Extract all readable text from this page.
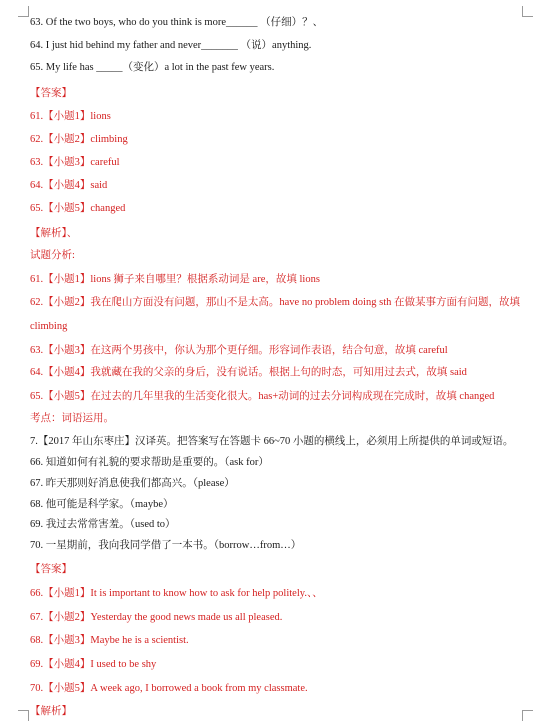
63. Of the two boys, who do you think is more______ （仔细）？、
64. I just hid behind my father and never_______ （说）anything.
65. My life has _____（变化）a lot in the past few years.
【答案】
61.【小题1】lions
62.【小题2】climbing
63.【小题3】careful
64.【小题4】said
65.【小题5】changed
【解析】、
试题分析:
61.【小题1】lions 狮子来自哪里？根据系动词是 are，故填 lions
62.【小题2】我在爬山方面没有问题，那山不是太高。have no problem doing sth 在做某事方面有问题，故填
climbing
63.【小题3】在这两个男孩中，你认为那个更仔细。形容词作表语，结合句意，故填 careful
64.【小题4】我就藏在我的父亲的身后，没有说话。根据上句的时态，可知用过去式，故填 said
65.【小题5】在过去的几年里我的生活变化很大。has+动词的过去分词构成现在完成时，故填 changed
考点：词语运用。
7.【2017 年山东枣庄】汉译英。把答案写在答题卡 66~70 小题的横线上，必须用上所提供的单词或短语。
66. 知道如何有礼貌的要求帮助是重要的。（ask for）
67. 昨天那则好消息使我们都高兴。（please）
68. 他可能是科学家。（maybe）
69. 我过去常常害羞。（used to）
70. 一星期前，我向我同学借了一本书。（borrow…from…）
【答案】
66.【小题1】It is important to know how to ask for help politely.、、
67.【小题2】Yesterday the good news made us all pleased.
68.【小题3】Maybe he is a scientist.
69.【小题4】I used to be shy
70.【小题5】A week ago, I borrowed a book from my classmate.
【解析】
